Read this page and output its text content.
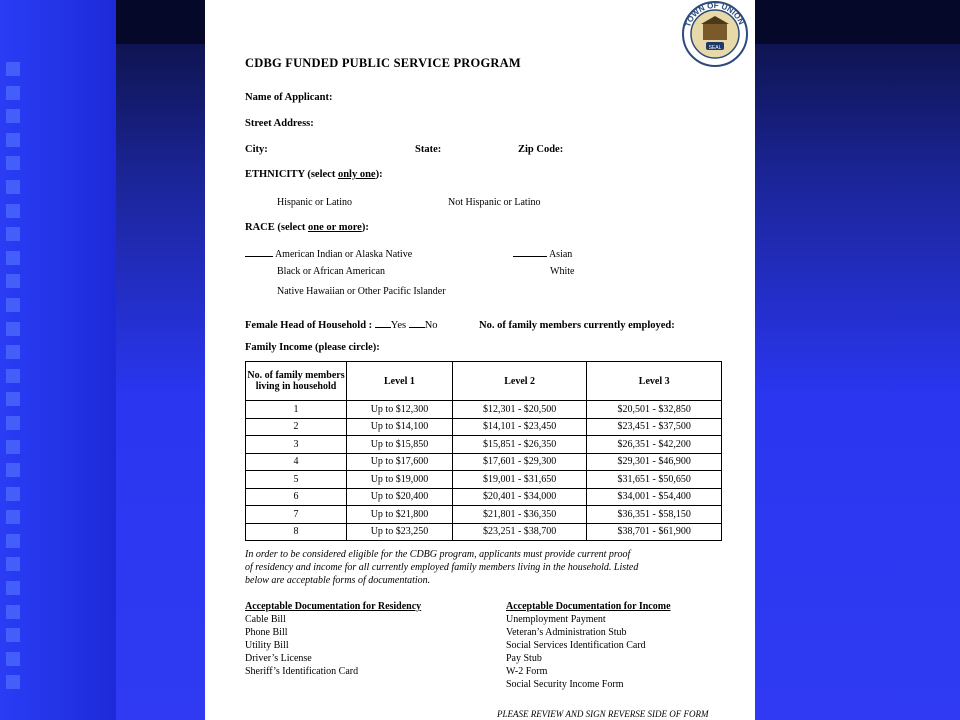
TOWN OF UNION
SEAL
CDBG FUNDED PUBLIC SERVICE PROGRAM
Name of Applicant:
Street Address:
City:	State:	Zip Code:
ETHNICITY (select only one):
Hispanic or Latino	Not Hispanic or Latino
RACE (select one or more):
American Indian or Alaska Native	Asian
Black or African American	White
Native Hawaiian or Other Pacific Islander
Female Head of Household : Yes No	No. of family members currently employed:
Family Income (please circle):
No. of family members living in household	Level 1	Level 2	Level 3
1	Up to $12,300	$12,301 - $20,500	$20,501 - $32,850
2	Up to $14,100	$14,101 - $23,450	$23,451 - $37,500
3	Up to $15,850	$15,851 - $26,350	$26,351 - $42,200
4	Up to $17,600	$17,601 - $29,300	$29,301 - $46,900
5	Up to $19,000	$19,001 - $31,650	$31,651 - $50,650
6	Up to $20,400	$20,401 - $34,000	$34,001 - $54,400
7	Up to $21,800	$21,801 - $36,350	$36,351 - $58,150
8	Up to $23,250	$23,251 - $38,700	$38,701 - $61,900
In order to be considered eligible for the CDBG program, applicants must provide current proof
of residency and income for all currently employed family members living in the household. Listed
below are acceptable forms of documentation.
Acceptable Documentation for Residency
Cable Bill
Phone Bill
Utility Bill
Driver’s License
Sheriff’s Identification Card
Acceptable Documentation for Income
Unemployment Payment
Veteran’s Administration Stub
Social Services Identification Card
Pay Stub
W-2 Form
Social Security Income Form
PLEASE REVIEW AND SIGN REVERSE SIDE OF FORM
